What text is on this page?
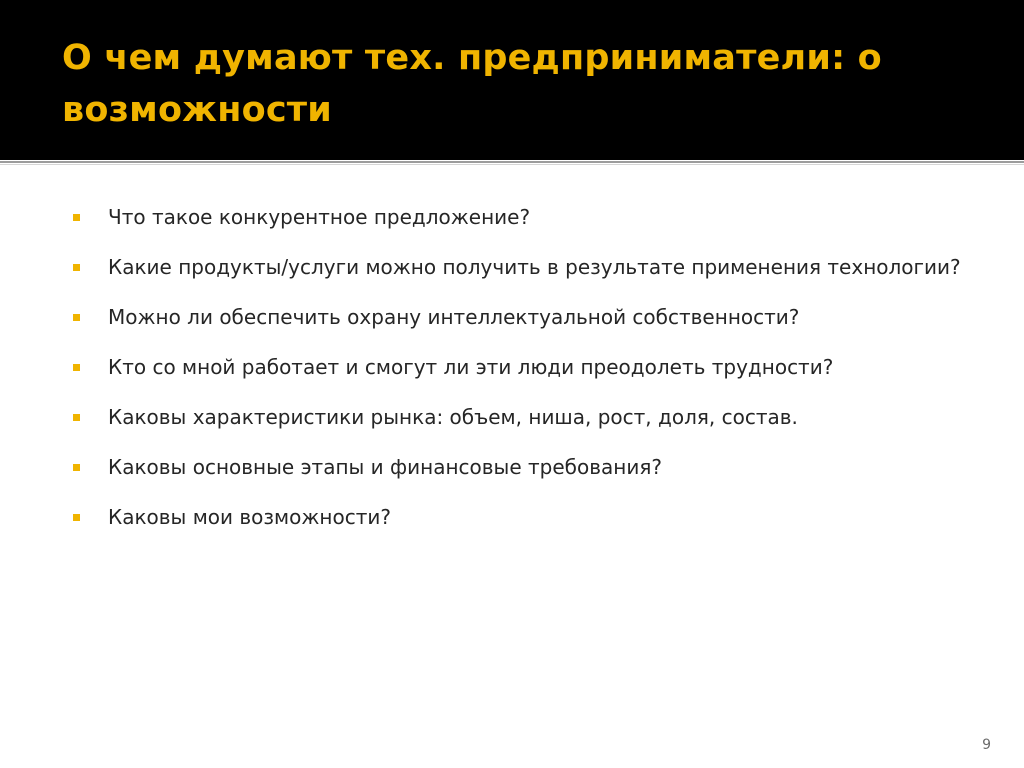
О чем думают тех. предприниматели: о возможности
Что такое конкурентное предложение?
Какие продукты/услуги можно получить в результате применения технологии?
Можно ли обеспечить охрану интеллектуальной собственности?
Кто со мной работает и смогут ли эти люди преодолеть трудности?
Каковы характеристики рынка: объем, ниша, рост, доля, состав.
Каковы основные этапы и финансовые требования?
Каковы мои возможности?
9
